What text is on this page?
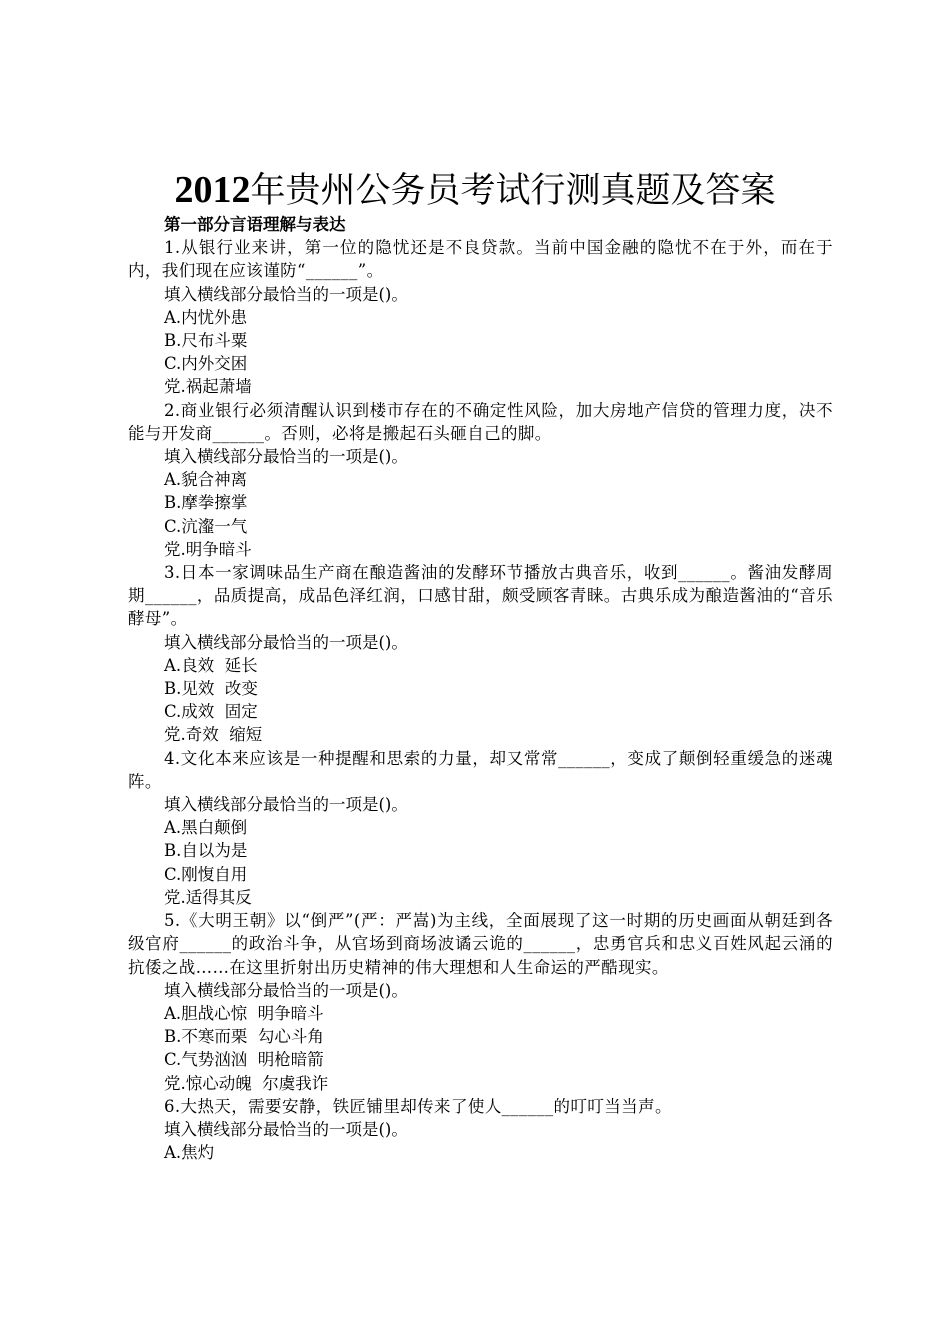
2012年贵州公务员考试行测真题及答案
第一部分言语理解与表达
1.从银行业来讲，第一位的隐忧还是不良贷款。当前中国金融的隐忧不在于外，而在于内，我们现在应该谨防“______”。
填入横线部分最恰当的一项是()。
A.内忧外患
B.尺布斗粟
C.内外交困
党.祸起萧墙
2.商业银行必须清醒认识到楼市存在的不确定性风险，加大房地产信贷的管理力度，决不能与开发商______。否则，必将是搬起石头砸自己的脚。
填入横线部分最恰当的一项是()。
A.貌合神离
B.摩拳擦掌
C.沆瀣一气
党.明争暗斗
3.日本一家调味品生产商在酿造酱油的发酵环节播放古典音乐，收到______。酱油发酵周期______，品质提高，成品色泽红润，口感甘甜，颇受顾客青睐。古典乐成为酿造酱油的“音乐酵母”。
填入横线部分最恰当的一项是()。
A.良效  延长
B.见效  改变
C.成效  固定
党.奇效  缩短
4.文化本来应该是一种提醒和思索的力量，却又常常______，变成了颠倒轻重缓急的迷魂阵。
填入横线部分最恰当的一项是()。
A.黑白颠倒
B.自以为是
C.刚愎自用
党.适得其反
5.《大明王朝》以“倒严”(严：严嵩)为主线，全面展现了这一时期的历史画面从朝廷到各级官府______的政治斗争，从官场到商场波谲云诡的______，忠勇官兵和忠义百姓风起云涌的抗倭之战……在这里折射出历史精神的伟大理想和人生命运的严酷现实。
填入横线部分最恰当的一项是()。
A.胆战心惊  明争暗斗
B.不寒而栗  勾心斗角
C.气势汹汹  明枪暗箭
党.惊心动魄  尔虞我诈
6.大热天，需要安静，铁匠铺里却传来了使人______的叮叮当当声。
填入横线部分最恰当的一项是()。
A.焦灼
